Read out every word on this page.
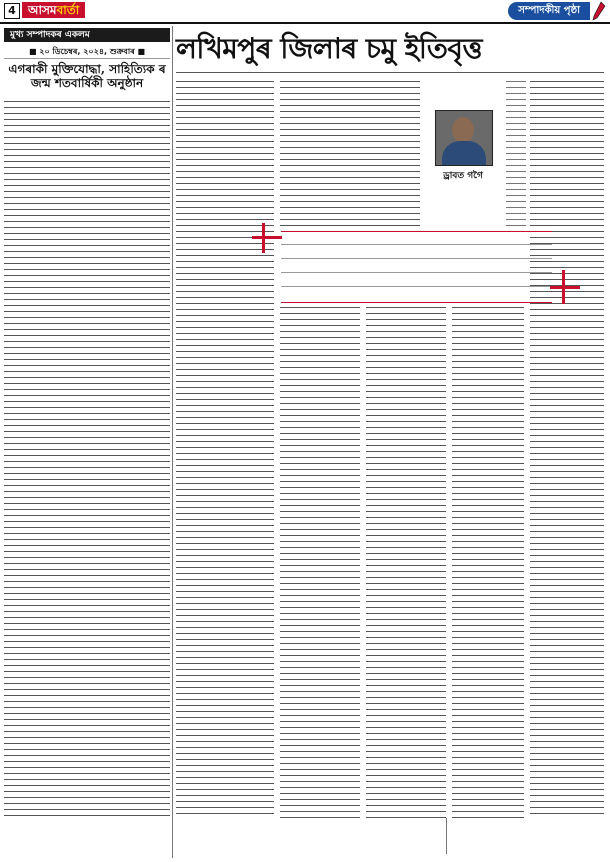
4	আসমবাৰ্তা	সম্পাদকীয় পৃষ্ঠা
মুখ্য সম্পাদকৰ একলম
■ ২০ ডিচেম্বৰ, ২০২৪, শুক্ৰবাৰ ■
এগৰাকী মুক্তিযোদ্ধা, সাহিত্যিক ৰ জন্ম শতবাৰ্ষিকী অনুষ্ঠান
লখিমপুৰ জিলাৰ চমু ইতিবৃত্ত
ড্ৰাবত গগৈ
